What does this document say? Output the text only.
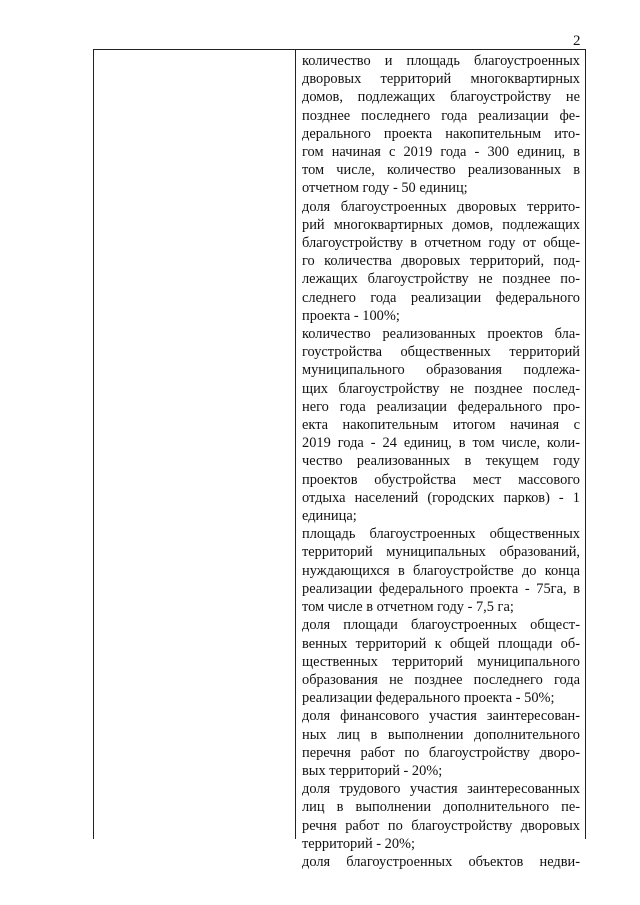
2
количество и площадь благоустроенных
дворовых территорий многоквартирных
домов, подлежащих благоустройству не
позднее последнего года реализации фе-
дерального проекта накопительным ито-
гом начиная с 2019 года - 300 единиц, в
том числе, количество реализованных в
отчетном году - 50 единиц;
доля благоустроенных дворовых террито-
рий многоквартирных домов, подлежащих
благоустройству в отчетном году от обще-
го количества дворовых территорий, под-
лежащих благоустройству не позднее по-
следнего года реализации федерального
проекта - 100%;
количество реализованных проектов бла-
гоустройства общественных территорий
муниципального образования подлежа-
щих благоустройству не позднее послед-
него года реализации федерального про-
екта накопительным итогом начиная с
2019 года - 24 единиц, в том числе, коли-
чество реализованных в текущем году
проектов обустройства мест массового
отдыха населений (городских парков) - 1
единица;
площадь благоустроенных общественных
территорий муниципальных образований,
нуждающихся в благоустройстве до конца
реализации федерального проекта - 75га, в
том числе в отчетном году - 7,5 га;
доля площади благоустроенных общест-
венных территорий к общей площади об-
щественных территорий муниципального
образования не позднее последнего года
реализации федерального проекта - 50%;
доля финансового участия заинтересован-
ных лиц в выполнении дополнительного
перечня работ по благоустройству дворо-
вых территорий - 20%;
доля трудового участия заинтересованных
лиц в выполнении дополнительного пе-
речня работ по благоустройству дворовых
территорий - 20%;
доля благоустроенных объектов недви-
